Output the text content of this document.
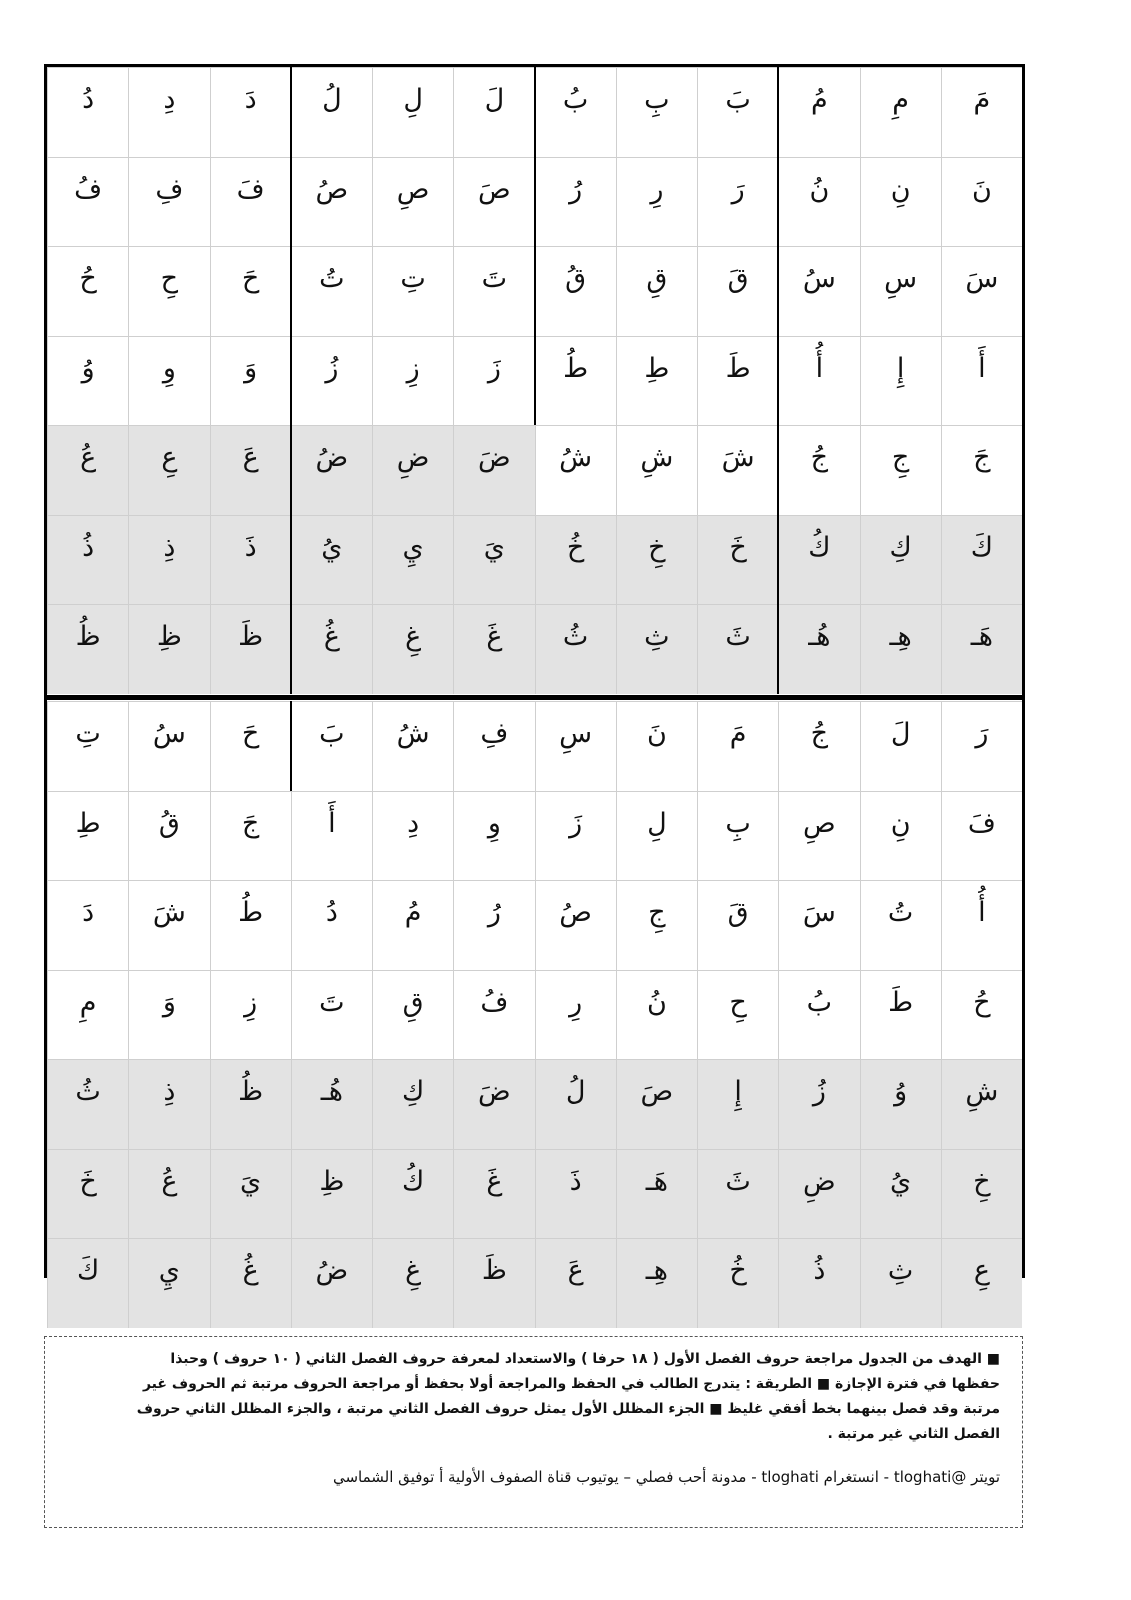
مَ
مِ
مُ
بَ
بِ
بُ
لَ
لِ
لُ
دَ
دِ
دُ
نَ
نِ
نُ
رَ
رِ
رُ
صَ
صِ
صُ
فَ
فِ
فُ
سَ
سِ
سُ
قَ
قِ
قُ
تَ
تِ
تُ
حَ
حِ
حُ
أَ
إِ
أُ
طَ
طِ
طُ
زَ
زِ
زُ
وَ
وِ
وُ
جَ
جِ
جُ
شَ
شِ
شُ
ضَ
ضِ
ضُ
عَ
عِ
عُ
كَ
كِ
كُ
خَ
خِ
خُ
يَ
يِ
يُ
ذَ
ذِ
ذُ
هَـ
هِـ
هُـ
ثَ
ثِ
ثُ
غَ
غِ
غُ
ظَ
ظِ
ظُ
رَ
لَ
جُ
مَ
نَ
سِ
فِ
شُ
بَ
حَ
سُ
تِ
فَ
نِ
صِ
بِ
لِ
زَ
وِ
دِ
أَ
جَ
قُ
طِ
أُ
تُ
سَ
قَ
جِ
صُ
رُ
مُ
دُ
طُ
شَ
دَ
حُ
طَ
بُ
حِ
نُ
رِ
فُ
قِ
تَ
زِ
وَ
مِ
شِ
وُ
زُ
إِ
صَ
لُ
ضَ
كِ
هُـ
ظُ
ذِ
ثُ
خِ
يُ
ضِ
ثَ
هَـ
ذَ
غَ
كُ
ظِ
يَ
عُ
خَ
عِ
ثِ
ذُ
خُ
هِـ
عَ
ظَ
غِ
ضُ
غُ
يِ
كَ
■ الهدف من الجدول مراجعة حروف الفصل الأول ( ١٨ حرفا ) والاستعداد لمعرفة حروف الفصل الثاني ( ١٠ حروف ) وحبذا
حفظها في فترة الإجازة ■ الطريقة : يتدرج الطالب في الحفظ والمراجعة أولا بحفظ أو مراجعة الحروف مرتبة ثم الحروف غير
مرتبة وقد فصل بينهما بخط أفقي غليظ ■ الجزء المظلل الأول يمثل حروف الفصل الثاني مرتبة ، والجزء المظلل الثاني حروف
الفصل الثاني غير مرتبة .
تويتر @tloghati - انستغرام tloghati - مدونة أحب فصلي – يوتيوب قناة الصفوف الأولية أ توفيق الشماسي
